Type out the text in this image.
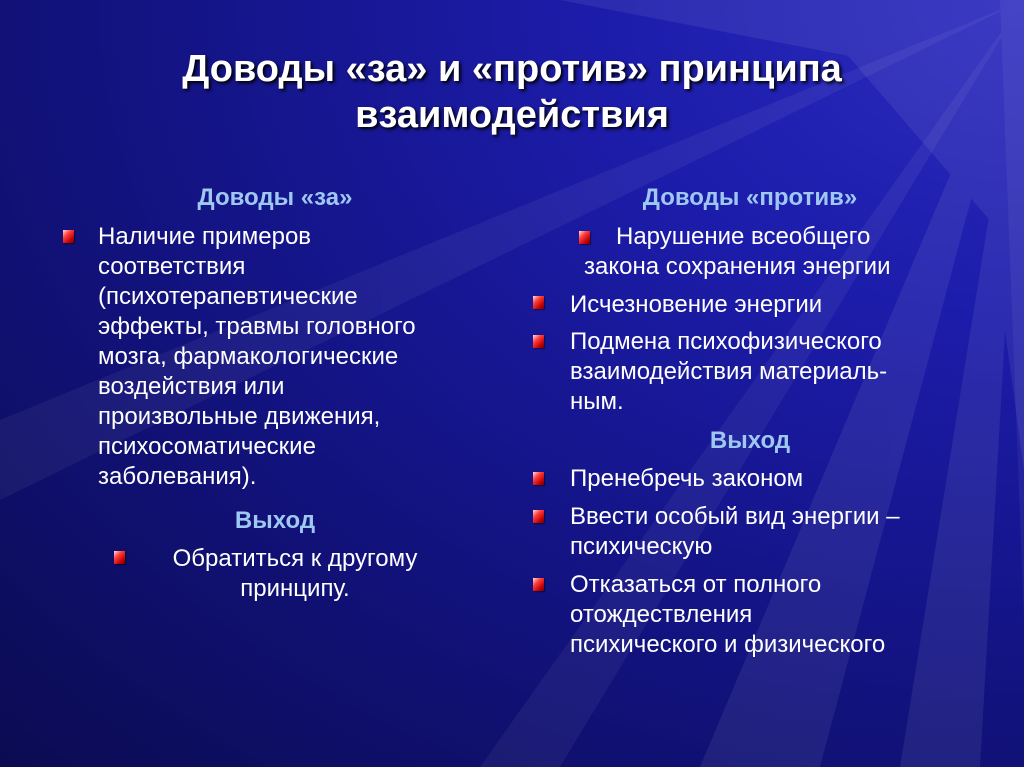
Доводы «за» и «против» принципа
взаимодействия
Доводы «за»
Наличие примеров
соответствия
(психотерапевтические
эффекты, травмы головного
мозга, фармакологические
воздействия или
произвольные движения,
психосоматические
заболевания).
Выход
Обратиться к другому
принципу.
Доводы «против»
Нарушение всеобщего
закона сохранения энергии
Исчезновение энергии
Подмена психофизического
взаимодействия материаль-
ным.
Выход
Пренебречь законом
Ввести особый вид энергии –
психическую
Отказаться от полного
отождествления
психического и физического
